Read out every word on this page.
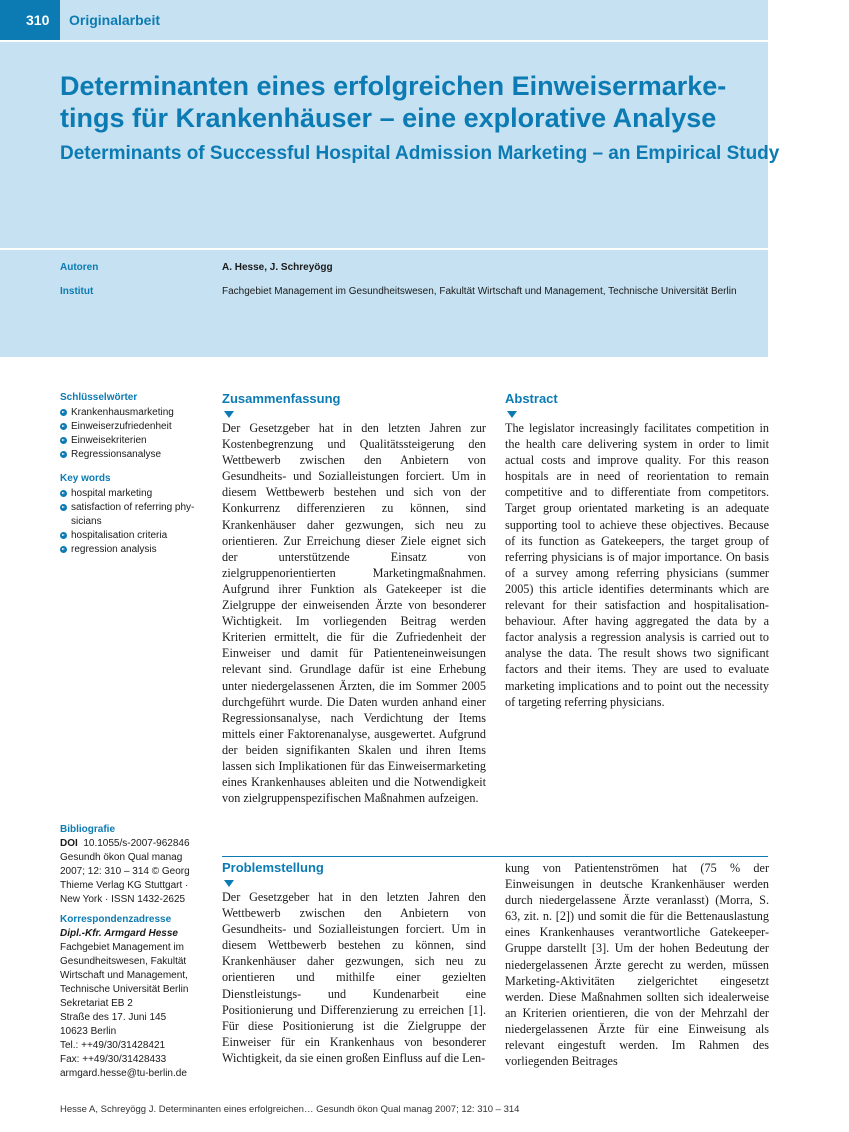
310	Originalarbeit
Determinanten eines erfolgreichen Einweisermarke-tings für Krankenhäuser – eine explorative Analyse
Determinants of Successful Hospital Admission Marketing – an Empirical Study
Autoren	A. Hesse, J. Schreyögg
Institut	Fachgebiet Management im Gesundheitswesen, Fakultät Wirtschaft und Management, Technische Universität Berlin
Schlüsselwörter
Krankenhausmarketing
Einweiserzufriedenheit
Einweisekriterien
Regressionsanalyse
Key words
hospital marketing
satisfaction of referring phy-sicians
hospitalisation criteria
regression analysis
Zusammenfassung

Der Gesetzgeber hat in den letzten Jahren zur Kostenbegrenzung und Qualitätssteigerung den Wettbewerb zwischen den Anbietern von Gesundheits- und Sozialleistungen forciert. Um in diesem Wettbewerb bestehen und sich von der Konkurrenz differenzieren zu können, sind Krankenhäuser daher gezwungen, sich neu zu orientieren. Zur Erreichung dieser Ziele eignet sich der unterstützende Einsatz von zielgruppenorientierten Marketingmaßnahmen. Aufgrund ihrer Funktion als Gatekeeper ist die Zielgruppe der einweisenden Ärzte von besonderer Wichtigkeit. Im vorliegenden Beitrag werden Kriterien ermittelt, die für die Zufriedenheit der Einweiser und damit für Patienteneinweisungen relevant sind. Grundlage dafür ist eine Erhebung unter niedergelassenen Ärzten, die im Sommer 2005 durchgeführt wurde. Die Daten wurden anhand einer Regressionsanalyse, nach Verdichtung der Items mittels einer Faktorenanalyse, ausgewertet. Aufgrund der beiden signifikanten Skalen und ihren Items lassen sich Implikationen für das Einweisermarketing eines Krankenhauses ableiten und die Notwendigkeit von zielgruppenspezifischen Maßnahmen aufzeigen.

Abstract

The legislator increasingly facilitates competition in the health care delivering system in order to limit actual costs and improve quality. For this reason hospitals are in need of reorientation to remain competitive and to differentiate from competitors. Target group orientated marketing is an adequate supporting tool to achieve these objectives. Because of its function as Gatekeepers, the target group of referring physicians is of major importance. On basis of a survey among referring physicians (summer 2005) this article identifies determinants which are relevant for their satisfaction and hospitalisation-behaviour. After having aggregated the data by a factor analysis a regression analysis is carried out to analyse the data. The result shows two significant factors and their items. They are used to evaluate marketing implications and to point out the necessity of targeting referring physicians.

Bibliografie
DOI 10.1055/s-2007-962846
Gesundh ökon Qual manag 2007; 12: 310 – 314 © Georg Thieme Verlag KG Stuttgart · New York · ISSN 1432-2625
Korrespondenzadresse
Dipl.-Kfr. Armgard Hesse
Fachgebiet Management im
Gesundheitswesen, Fakultät
Wirtschaft und Management,
Technische Universität Berlin
Sekretariat EB 2
Straße des 17. Juni 145
10623 Berlin
Tel.: ++49/30/31428421
Fax: ++49/30/31428433
armgard.hesse@tu-berlin.de
Problemstellung

Der Gesetzgeber hat in den letzten Jahren den Wettbewerb zwischen den Anbietern von Gesundheits- und Sozialleistungen forciert. Um in diesem Wettbewerb bestehen zu können, sind Krankenhäuser daher gezwungen, sich neu zu orientieren und mithilfe einer gezielten Dienstleistungs- und Kundenarbeit eine Positionierung und Differenzierung zu erreichen [1]. Für diese Positionierung ist die Zielgruppe der Einweiser für ein Krankenhaus von besonderer Wichtigkeit, da sie einen großen Einfluss auf die Len-

kung von Patientenströmen hat (75 % der Einweisungen in deutsche Krankenhäuser werden durch niedergelassene Ärzte veranlasst) (Morra, S. 63, zit. n. [2]) und somit die für die Bettenauslastung eines Krankenhauses verantwortliche Gatekeeper-Gruppe darstellt [3]. Um der hohen Bedeutung der niedergelassenen Ärzte gerecht zu werden, müssen Marketing-Aktivitäten zielgerichtet eingesetzt werden. Diese Maßnahmen sollten sich idealerweise an Kriterien orientieren, die von der Mehrzahl der niedergelassenen Ärzte für eine Einweisung als relevant eingestuft werden. Im Rahmen des vorliegenden Beitrages

Hesse A, Schreyögg J. Determinanten eines erfolgreichen… Gesundh ökon Qual manag 2007; 12: 310 – 314
